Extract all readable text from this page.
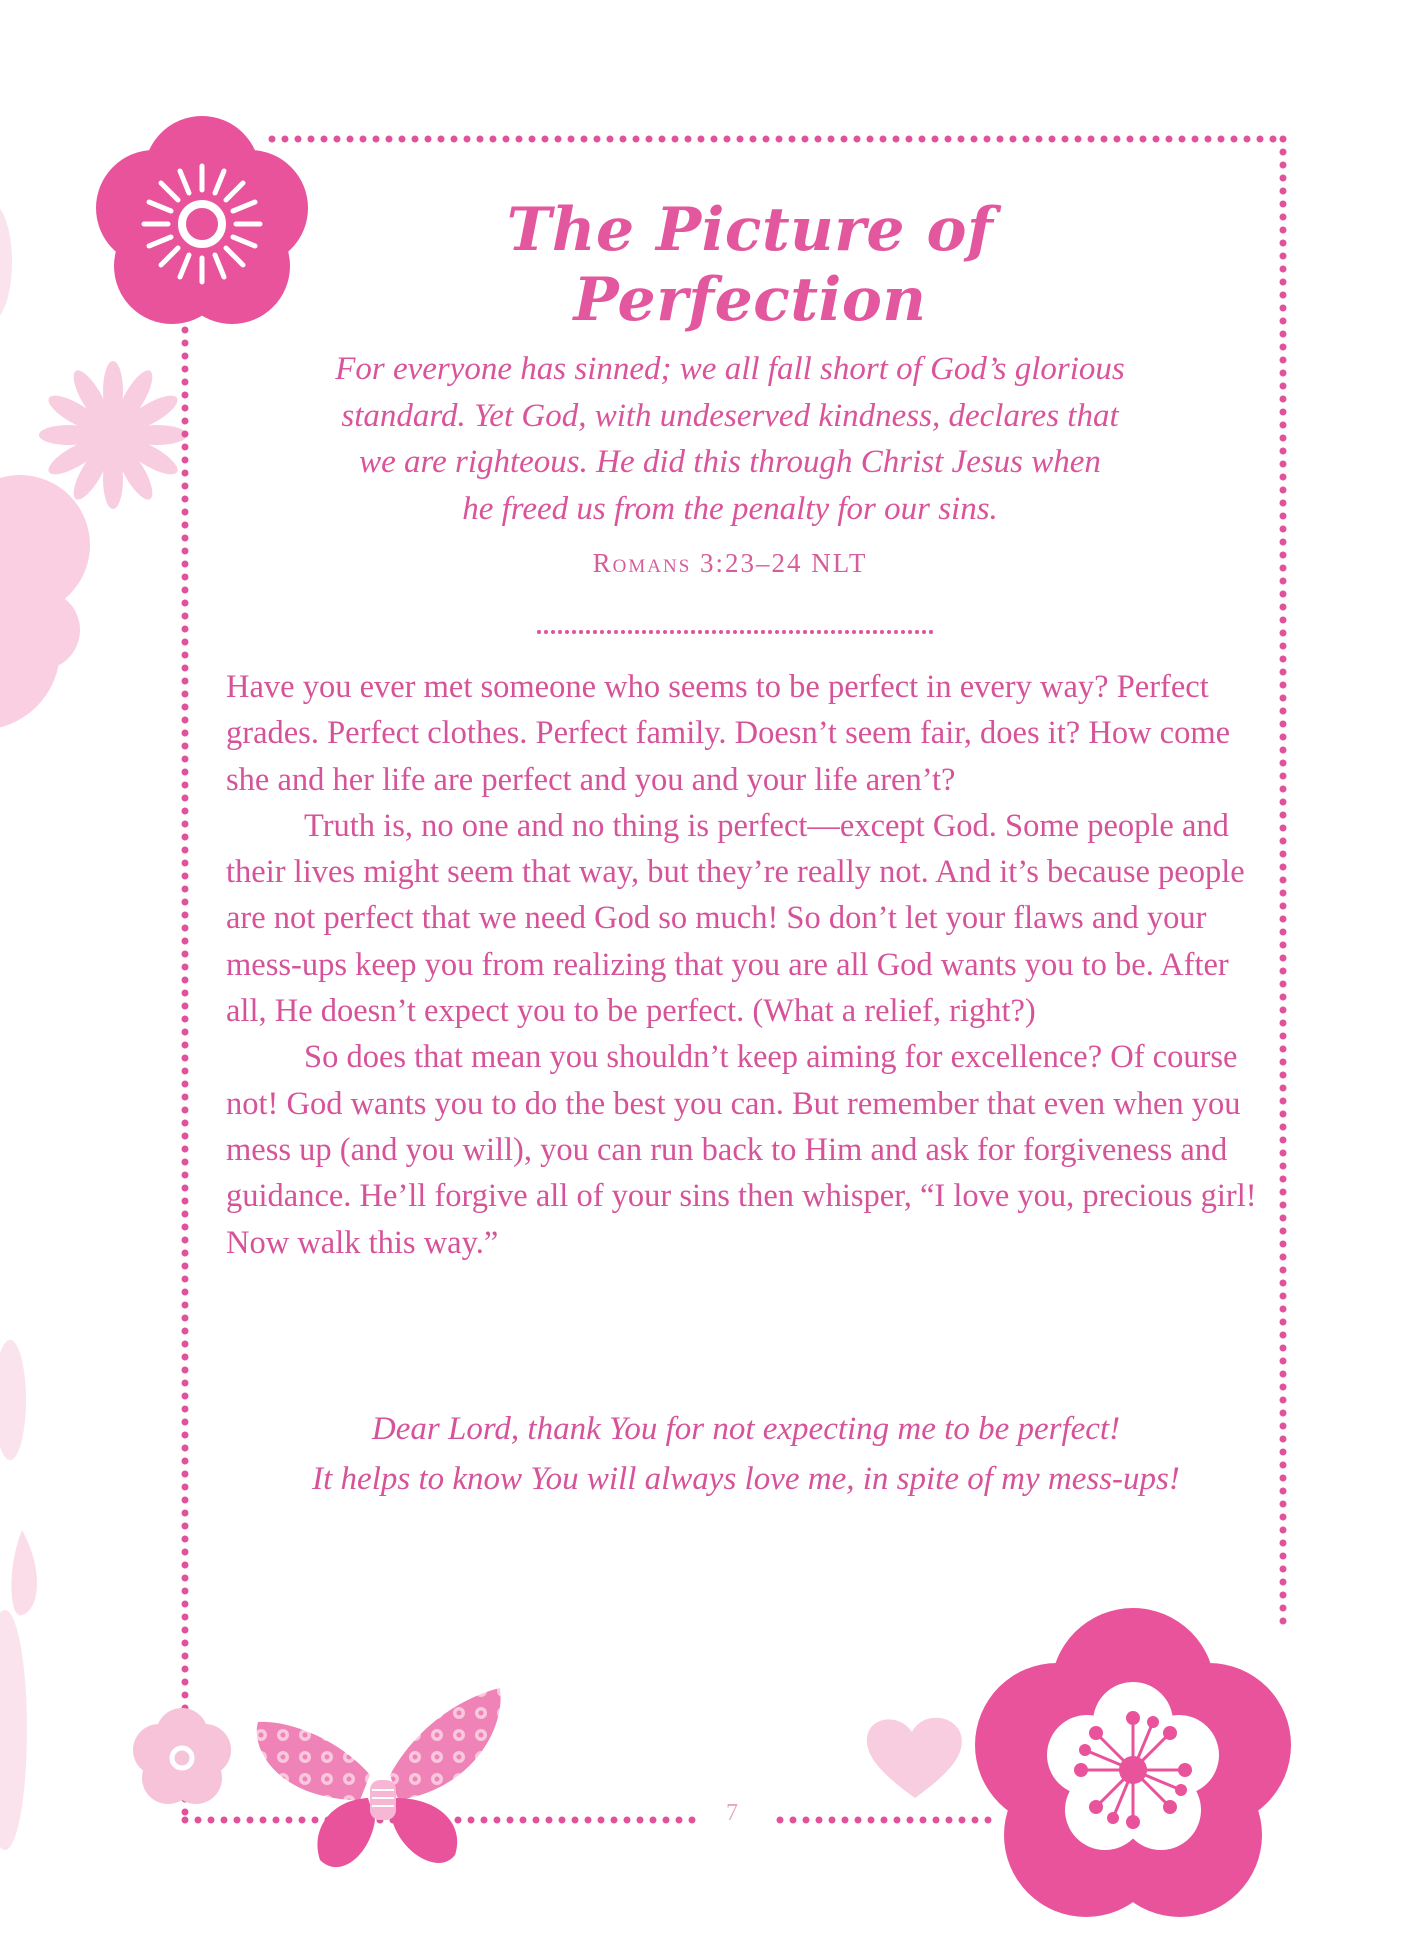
The Picture of Perfection
For everyone has sinned; we all fall short of God’s glorious
standard. Yet God, with undeserved kindness, declares that
we are righteous. He did this through Christ Jesus when
he freed us from the penalty for our sins.
Romans 3:23–24 NLT

Have you ever met someone who seems to be perfect in every way? Perfect grades. Perfect clothes. Perfect family. Doesn’t seem fair, does it? How come she and her life are perfect and you and your life aren’t?

Truth is, no one and no thing is perfect—except God. Some people and their lives might seem that way, but they’re really not. And it’s because people are not perfect that we need God so much! So don’t let your flaws and your mess-ups keep you from realizing that you are all God wants you to be. After all, He doesn’t expect you to be perfect. (What a relief, right?)

So does that mean you shouldn’t keep aiming for excellence? Of course not! God wants you to do the best you can. But remember that even when you mess up (and you will), you can run back to Him and ask for forgiveness and guidance. He’ll forgive all of your sins then whisper, “I love you, precious girl! Now walk this way.”

Dear Lord, thank You for not expecting me to be perfect!
It helps to know You will always love me, in spite of my mess-ups!
7
